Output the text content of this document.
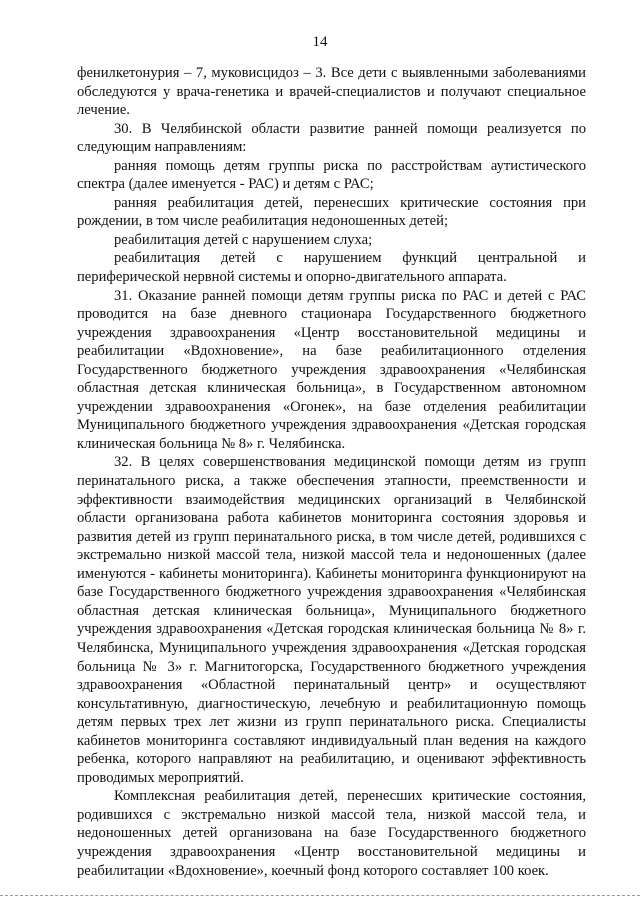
14

фенилкетонурия – 7, муковисцидоз – 3. Все дети с выявленными заболеваниями обследуются у врача-генетика и врачей-специалистов и получают специальное лечение.

30. В Челябинской области развитие ранней помощи реализуется по следующим направлениям:

ранняя помощь детям группы риска по расстройствам аутистического спектра (далее именуется - РАС) и детям с РАС;

ранняя реабилитация детей, перенесших критические состояния при рождении, в том числе реабилитация недоношенных детей;

реабилитация детей с нарушением слуха;

реабилитация детей с нарушением функций центральной и периферической нервной системы и опорно-двигательного аппарата.

31. Оказание ранней помощи детям группы риска по РАС и детей с РАС проводится на базе дневного стационара Государственного бюджетного учреждения здравоохранения «Центр восстановительной медицины и реабилитации «Вдохновение», на базе реабилитационного отделения Государственного бюджетного учреждения здравоохранения «Челябинская областная детская клиническая больница», в Государственном автономном учреждении здравоохранения «Огонек», на базе отделения реабилитации Муниципального бюджетного учреждения здравоохранения «Детская городская клиническая больница № 8» г. Челябинска.

32. В целях совершенствования медицинской помощи детям из групп перинатального риска, а также обеспечения этапности, преемственности и эффективности взаимодействия медицинских организаций в Челябинской области организована работа кабинетов мониторинга состояния здоровья и развития детей из групп перинатального риска, в том числе детей, родившихся с экстремально низкой массой тела, низкой массой тела и недоношенных (далее именуются - кабинеты мониторинга). Кабинеты мониторинга функционируют на базе Государственного бюджетного учреждения здравоохранения «Челябинская областная детская клиническая больница», Муниципального бюджетного учреждения здравоохранения «Детская городская клиническая больница № 8» г. Челябинска, Муниципального учреждения здравоохранения «Детская городская больница № 3» г. Магнитогорска, Государственного бюджетного учреждения здравоохранения «Областной перинатальный центр» и осуществляют консультативную, диагностическую, лечебную и реабилитационную помощь детям первых трех лет жизни из групп перинатального риска. Специалисты кабинетов мониторинга составляют индивидуальный план ведения на каждого ребенка, которого направляют на реабилитацию, и оценивают эффективность проводимых мероприятий.

Комплексная реабилитация детей, перенесших критические состояния, родившихся с экстремально низкой массой тела, низкой массой тела, и недоношенных детей организована на базе Государственного бюджетного учреждения здравоохранения «Центр восстановительной медицины и реабилитации «Вдохновение», коечный фонд которого составляет 100 коек.
